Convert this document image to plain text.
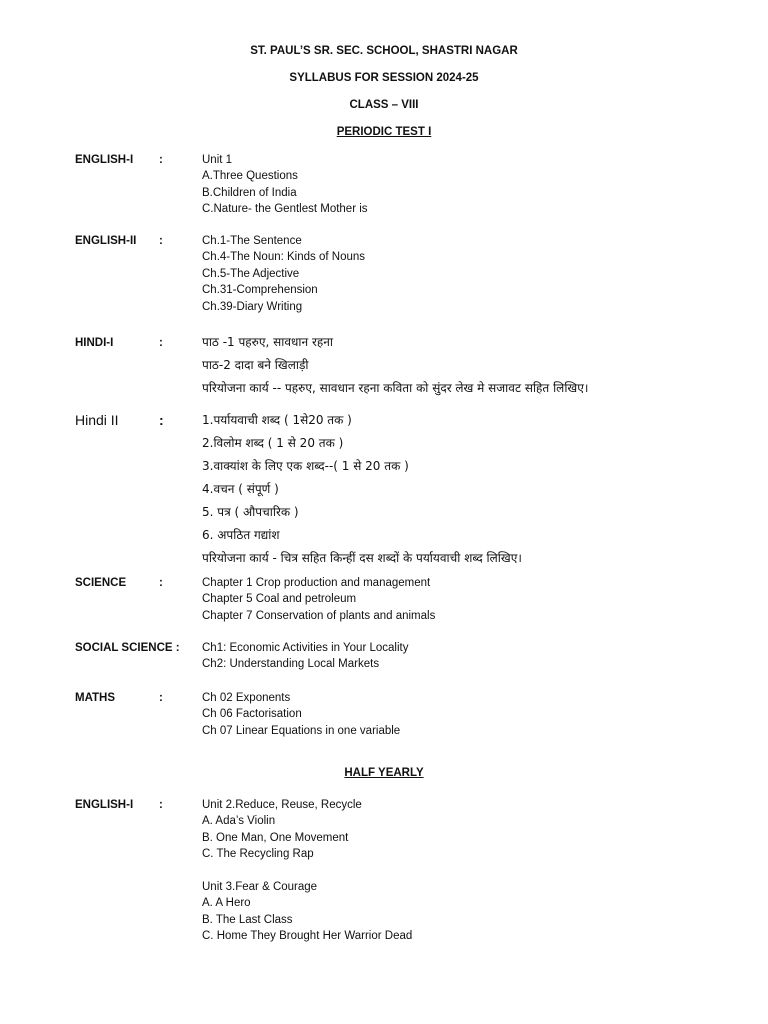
ST. PAUL’S SR. SEC. SCHOOL, SHASTRI NAGAR
SYLLABUS FOR SESSION 2024-25
CLASS – VIII
PERIODIC TEST I
ENGLISH-I :	Unit 1
A.Three Questions
B.Children of India
C.Nature- the Gentlest Mother is
ENGLISH-II :	Ch.1-The Sentence
Ch.4-The Noun: Kinds of Nouns
Ch.5-The Adjective
Ch.31-Comprehension
Ch.39-Diary Writing
HINDI-I	:	पाठ -1 पहरुए, सावधान रहना
पाठ-2 दादा बने खिलाड़ी
परियोजना कार्य -- पहरुए, सावधान रहना कविता को सुंदर लेख मे सजावट सहित लिखिए।
Hindi II	:	1.पर्यायवाची शब्द ( 1से20 तक )
2.विलोम शब्द ( 1 से 20 तक )
3.वाक्यांश के लिए एक शब्द--( 1 से 20 तक )
4.वचन ( संपूर्ण )
5. पत्र ( औपचारिक )
6. अपठित गद्यांश
परियोजना कार्य - चित्र सहित किन्हीं दस शब्दों के पर्यायवाची शब्द लिखिए।
SCIENCE	:	Chapter 1 Crop production and management
Chapter 5 Coal and petroleum
Chapter 7 Conservation of plants and animals
SOCIAL SCIENCE : Ch1: Economic Activities in Your Locality
Ch2: Understanding Local Markets
MATHS	:	Ch 02 Exponents
Ch 06 Factorisation
Ch 07 Linear Equations in one variable
HALF YEARLY
ENGLISH-I :	Unit 2.Reduce, Reuse, Recycle
A. Ada’s Violin
B. One Man, One Movement
C. The Recycling Rap
Unit 3.Fear & Courage
A. A Hero
B. The Last Class
C. Home They Brought Her Warrior Dead
